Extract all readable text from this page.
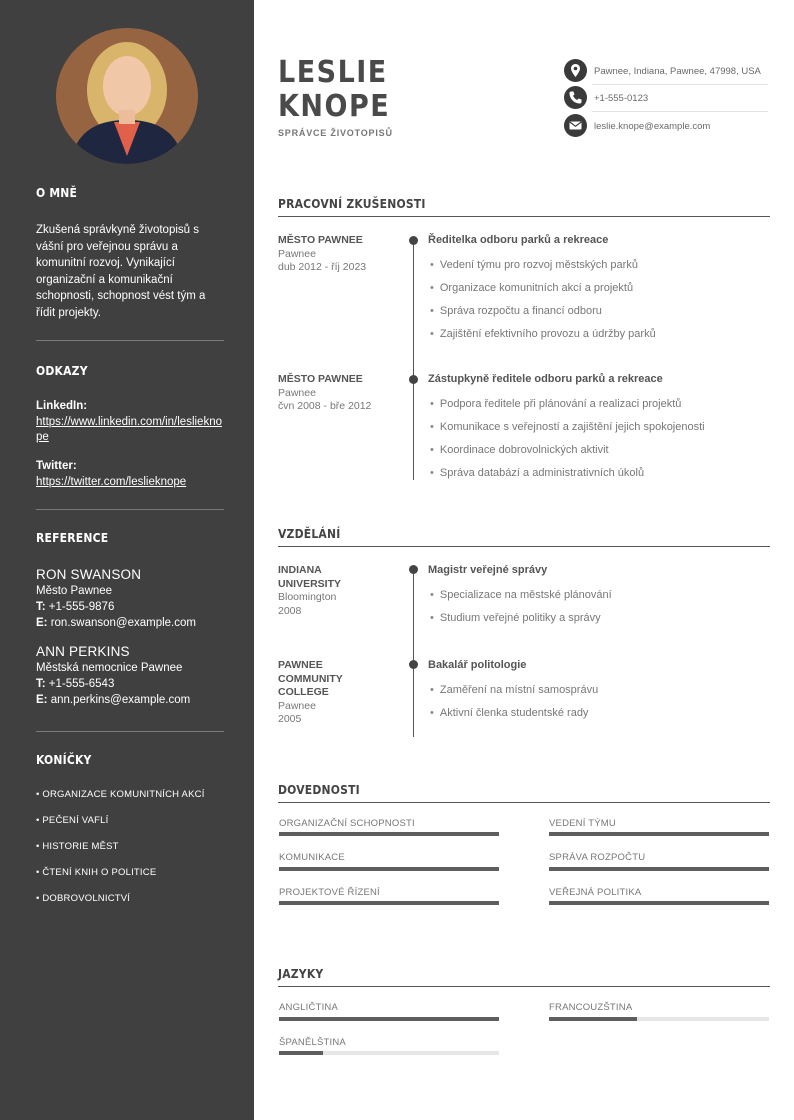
O MNĚ
Zkušená správkyně životopisů s vášní pro veřejnou správu a komunitní rozvoj. Vynikající organizační a komunikační schopnosti, schopnost vést tým a řídit projekty.
ODKAZY
LinkedIn:
https://www.linkedin.com/in/leslieknope
Twitter:
https://twitter.com/leslieknope
REFERENCE
RON SWANSON
Město Pawnee
T: +1-555-9876
E: ron.swanson@example.com
ANN PERKINS
Městská nemocnice Pawnee
T: +1-555-6543
E: ann.perkins@example.com
KONÍČKY
• ORGANIZACE KOMUNITNÍCH AKCÍ
• PEČENÍ VAFLÍ
• HISTORIE MĚST
• ČTENÍ KNIH O POLITICE
• DOBROVOLNICTVÍ
LESLIE
KNOPE
SPRÁVCE ŽIVOTOPISŮ
Pawnee, Indiana, Pawnee, 47998, USA
+1-555-0123
leslie.knope@example.com
PRACOVNÍ ZKUŠENOSTI
MĚSTO PAWNEE
Pawnee
dub 2012 - říj 2023
Ředitelka odboru parků a rekreace
• Vedení týmu pro rozvoj městských parků
• Organizace komunitních akcí a projektů
• Správa rozpočtu a financí odboru
• Zajištění efektivního provozu a údržby parků
MĚSTO PAWNEE
Pawnee
čvn 2008 - bře 2012
Zástupkyně ředitele odboru parků a rekreace
• Podpora ředitele při plánování a realizaci projektů
• Komunikace s veřejností a zajištění jejich spokojenosti
• Koordinace dobrovolnických aktivit
• Správa databází a administrativních úkolů
VZDĚLÁNÍ
INDIANA
UNIVERSITY
Bloomington
2008
Magistr veřejné správy
• Specializace na městské plánování
• Studium veřejné politiky a správy
PAWNEE
COMMUNITY
COLLEGE
Pawnee
2005
Bakalář politologie
• Zaměření na místní samosprávu
• Aktivní členka studentské rady
DOVEDNOSTI
ORGANIZAČNÍ SCHOPNOSTI	VEDENÍ TÝMU
KOMUNIKACE	SPRÁVA ROZPOČTU
PROJEKTOVÉ ŘÍZENÍ	VEŘEJNÁ POLITIKA
JAZYKY
ANGLIČTINA	FRANCOUZŠTINA
ŠPANĚLŠTINA
